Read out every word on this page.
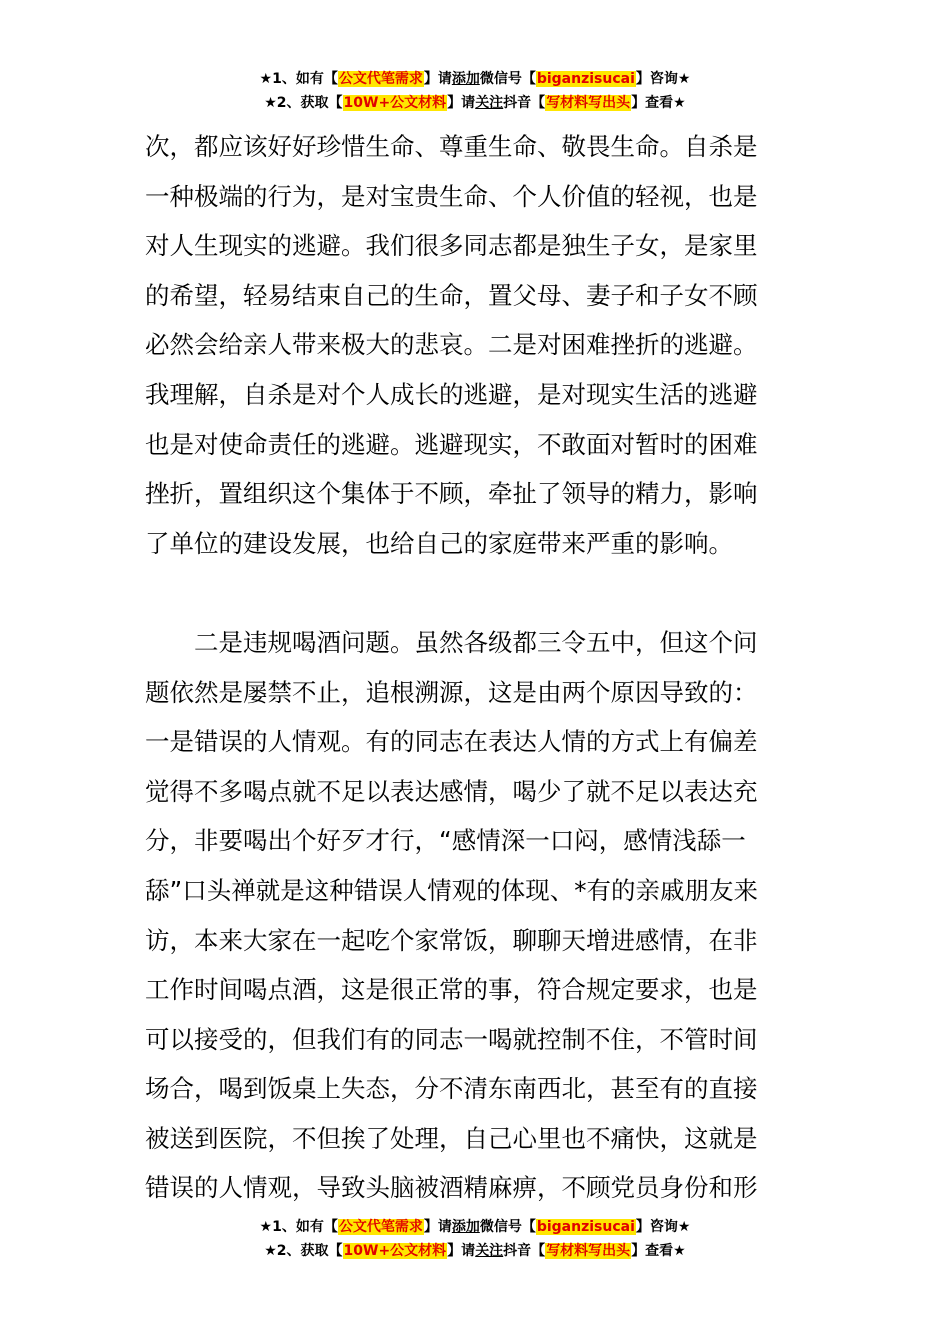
★1、如有【公文代笔需求】请添加微信号【biganzisucai】咨询★
★2、获取【10W+公文材料】请关注抖音【写材料写出头】查看★
次，都应该好好珍惜生命、尊重生命、敬畏生命。自杀是
一种极端的行为，是对宝贵生命、个人价值的轻视，也是
对人生现实的逃避。我们很多同志都是独生子女，是家里
的希望，轻易结束自己的生命，置父母、妻子和子女不顾
必然会给亲人带来极大的悲哀。二是对困难挫折的逃避。
我理解，自杀是对个人成长的逃避，是对现实生活的逃避
也是对使命责任的逃避。逃避现实，不敢面对暂时的困难
挫折，置组织这个集体于不顾，牵扯了领导的精力，影响
了单位的建设发展，也给自己的家庭带来严重的影响。
　　二是违规喝酒问题。虽然各级都三令五中，但这个问
题依然是屡禁不止，追根溯源，这是由两个原因导致的：
一是错误的人情观。有的同志在表达人情的方式上有偏差
觉得不多喝点就不足以表达感情，喝少了就不足以表达充
分，非要喝出个好歹才行，“感情深一口闷，感情浅舔一
舔”口头禅就是这种错误人情观的体现、*有的亲戚朋友来
访，本来大家在一起吃个家常饭，聊聊天增进感情，在非
工作时间喝点酒，这是很正常的事，符合规定要求，也是
可以接受的，但我们有的同志一喝就控制不住，不管时间
场合，喝到饭桌上失态，分不清东南西北，甚至有的直接
被送到医院，不但挨了处理，自己心里也不痛快，这就是
错误的人情观，导致头脑被酒精麻痹，不顾党员身份和形
★1、如有【公文代笔需求】请添加微信号【biganzisucai】咨询★
★2、获取【10W+公文材料】请关注抖音【写材料写出头】查看★
